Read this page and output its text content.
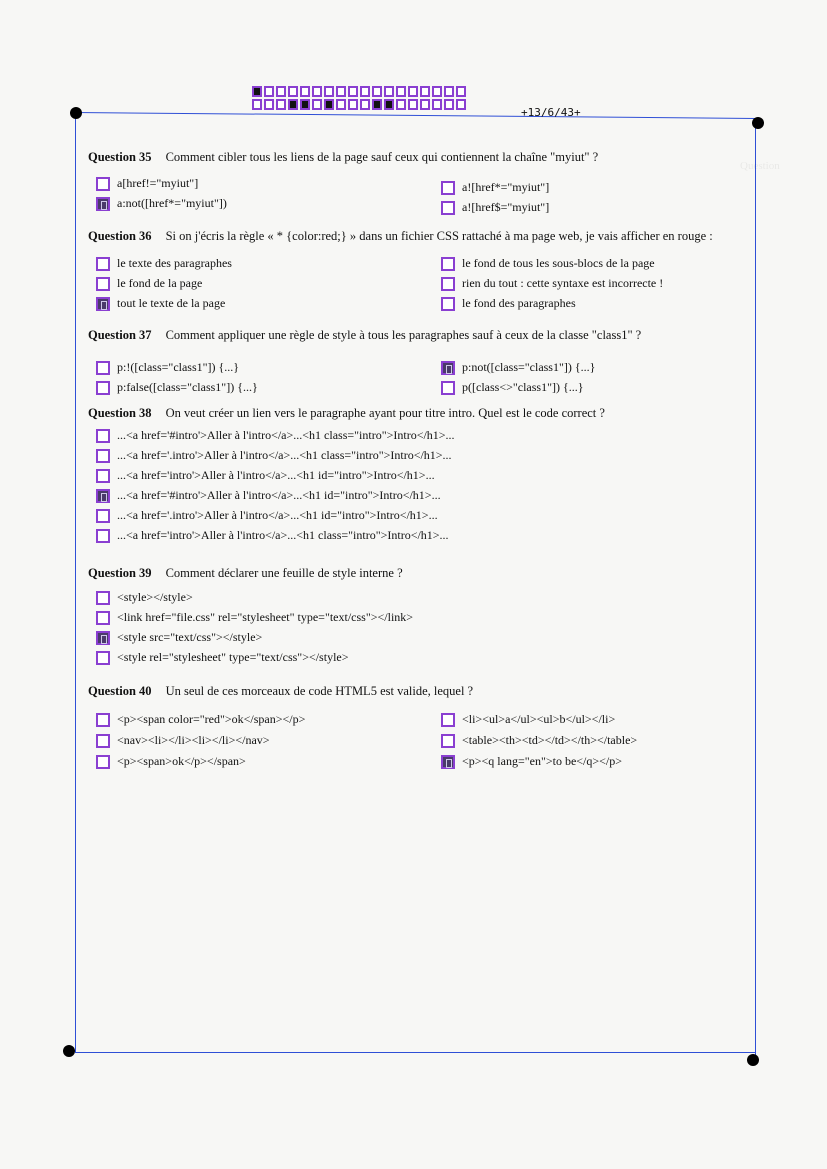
+13/6/43+
Question
Question 35 Comment cibler tous les liens de la page sauf ceux qui contiennent la chaîne "myiut" ?
a[href!="myiut"]
a:not([href*="myiut"])
a![href*="myiut"]
a![href$="myiut"]
Question 36 Si on j'écris la règle « * {color:red;} » dans un fichier CSS rattaché à ma page web, je vais afficher en rouge :
le texte des paragraphes
le fond de la page
tout le texte de la page
le fond de tous les sous-blocs de la page
rien du tout : cette syntaxe est incorrecte !
le fond des paragraphes
Question 37 Comment appliquer une règle de style à tous les paragraphes sauf à ceux de la classe "class1" ?
p:!([class="class1"]) {...}
p:false([class="class1"]) {...}
p:not([class="class1"]) {...}
p([class<>"class1"]) {...}
Question 38 On veut créer un lien vers le paragraphe ayant pour titre intro. Quel est le code correct ?
...<a href='#intro'>Aller à l'intro</a>...<h1 class="intro">Intro</h1>...
...<a href='.intro'>Aller à l'intro</a>...<h1 class="intro">Intro</h1>...
...<a href='intro'>Aller à l'intro</a>...<h1 id="intro">Intro</h1>...
...<a href='#intro'>Aller à l'intro</a>...<h1 id="intro">Intro</h1>...
...<a href='.intro'>Aller à l'intro</a>...<h1 id="intro">Intro</h1>...
...<a href='intro'>Aller à l'intro</a>...<h1 class="intro">Intro</h1>...
Question 39 Comment déclarer une feuille de style interne ?
<style></style>
<link href="file.css" rel="stylesheet" type="text/css"></link>
<style src="text/css"></style>
<style rel="stylesheet" type="text/css"></style>
Question 40 Un seul de ces morceaux de code HTML5 est valide, lequel ?
<p><span color="red">ok</span></p>
<nav><li></li><li></li></nav>
<p><span>ok</p></span>
<li><ul>a</ul><ul>b</ul></li>
<table><th><td></td></th></table>
<p><q lang="en">to be</q></p>
